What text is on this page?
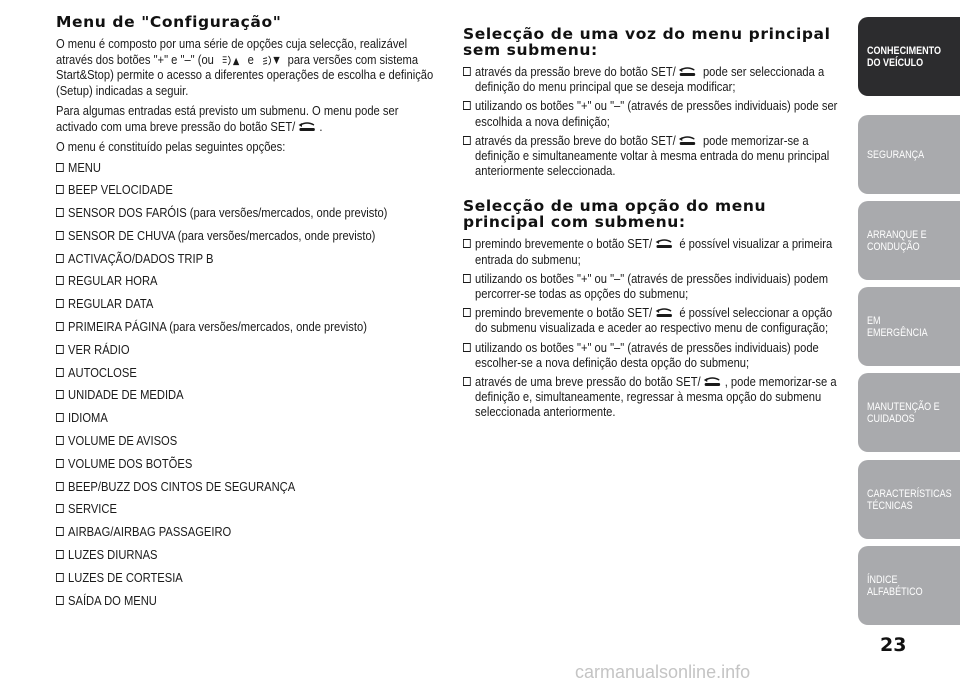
Menu de "Configuração"

O menu é composto por uma série de opções cuja selecção, realizável através dos botões "+" e "–" (ou  e  para versões com sistema Start&Stop) permite o acesso a diferentes operações de escolha e definição (Setup) indicadas a seguir.

Para algumas entradas está previsto um submenu. O menu pode ser activado com uma breve pressão do botão SET/ .

O menu é constituído pelas seguintes opções:

MENU
BEEP VELOCIDADE
SENSOR DOS FARÓIS (para versões/mercados, onde previsto)
SENSOR DE CHUVA (para versões/mercados, onde previsto)
ACTIVAÇÃO/DADOS TRIP B
REGULAR HORA
REGULAR DATA
PRIMEIRA PÁGINA (para versões/mercados, onde previsto)
VER RÁDIO
AUTOCLOSE
UNIDADE DE MEDIDA
IDIOMA
VOLUME DE AVISOS
VOLUME DOS BOTÕES
BEEP/BUZZ DOS CINTOS DE SEGURANÇA
SERVICE
AIRBAG/AIRBAG PASSAGEIRO
LUZES DIURNAS
LUZES DE CORTESIA
SAÍDA DO MENU
Selecção de uma voz do menu principal sem submenu:
através da pressão breve do botão SET/ pode ser seleccionada a definição do menu principal que se deseja modificar;
utilizando os botões "+" ou "–" (através de pressões individuais) pode ser escolhida a nova definição;
através da pressão breve do botão SET/ pode memorizar-se a definição e simultaneamente voltar à mesma entrada do menu principal anteriormente seleccionada.
Selecção de uma opção do menu principal com submenu:
premindo brevemente o botão SET/ é possível visualizar a primeira entrada do submenu;
utilizando os botões "+" ou "–" (através de pressões individuais) podem percorrer-se todas as opções do submenu;
premindo brevemente o botão SET/ é possível seleccionar a opção do submenu visualizada e aceder ao respectivo menu de configuração;
utilizando os botões "+" ou "–" (através de pressões individuais) pode escolher-se a nova definição desta opção do submenu;
através de uma breve pressão do botão SET/ , pode memorizar-se a definição e, simultaneamente, regressar à mesma opção do submenu seleccionada anteriormente.
CONHECIMENTO DO VEÍCULO
SEGURANÇA
ARRANQUE E CONDUÇÃO
EM EMERGÊNCIA
MANUTENÇÃO E CUIDADOS
CARACTERÍSTICAS TÉCNICAS
ÍNDICE ALFABÉTICO
23
carmanualsonline.info
